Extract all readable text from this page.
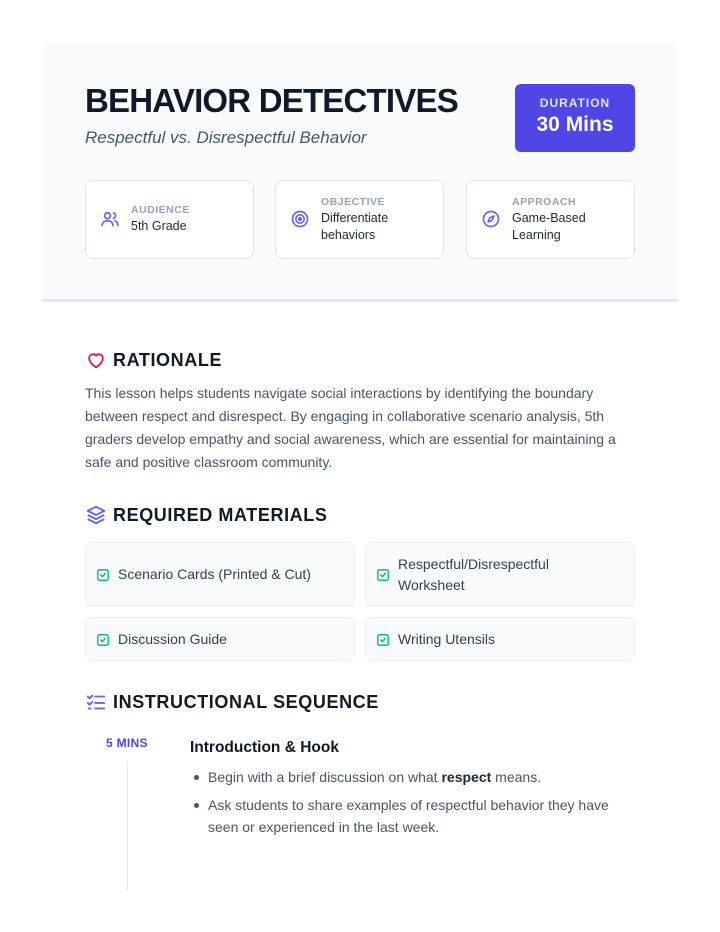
BEHAVIOR DETECTIVES

Respectful vs. Disrespectful Behavior

DURATION
30 Mins
AUDIENCE
5th Grade
OBJECTIVE
Differentiate behaviors
APPROACH
Game-Based Learning
RATIONALE

This lesson helps students navigate social interactions by identifying the boundary between respect and disrespect. By engaging in collaborative scenario analysis, 5th graders develop empathy and social awareness, which are essential for maintaining a safe and positive classroom community.

REQUIRED MATERIALS
Scenario Cards (Printed & Cut)
Respectful/Disrespectful Worksheet
Discussion Guide	Writing Utensils
INSTRUCTIONAL SEQUENCE
5 MINS	Introduction & Hook
Begin with a brief discussion on what respect means.
Ask students to share examples of respectful behavior they have seen or experienced in the last week.
